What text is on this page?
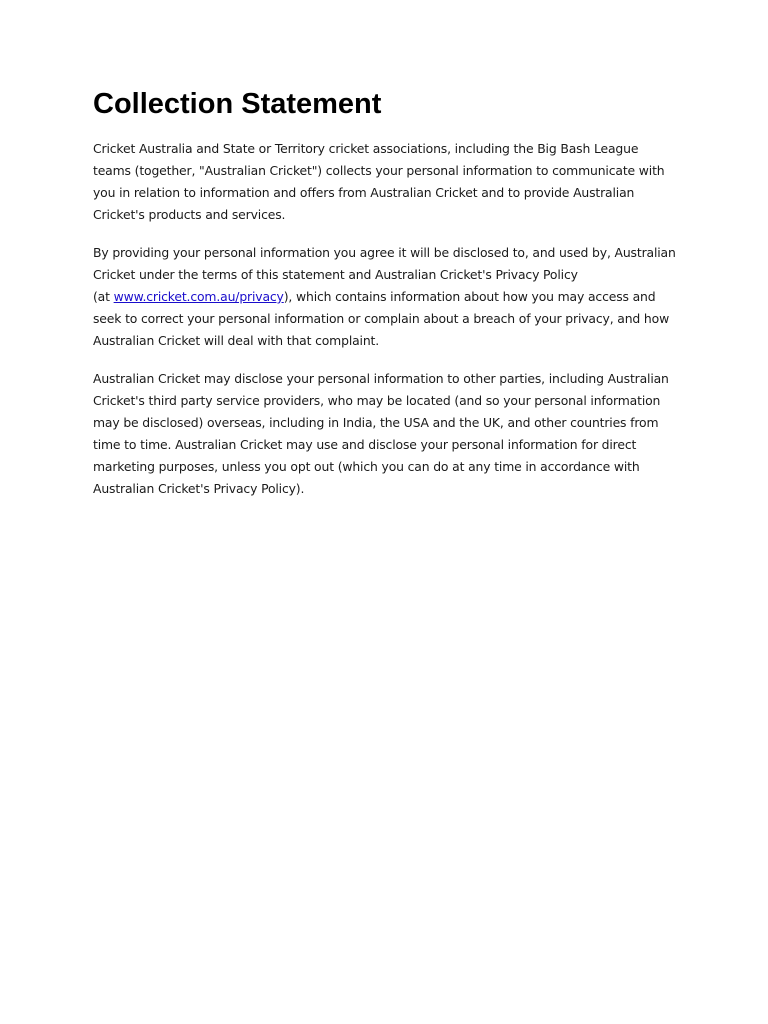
Collection Statement

Cricket Australia and State or Territory cricket associations, including the Big Bash League teams (together, "Australian Cricket") collects your personal information to communicate with you in relation to information and offers from Australian Cricket and to provide Australian Cricket's products and services.

By providing your personal information you agree it will be disclosed to, and used by, Australian Cricket under the terms of this statement and Australian Cricket's Privacy Policy
(at www.cricket.com.au/privacy), which contains information about how you may access and seek to correct your personal information or complain about a breach of your privacy, and how Australian Cricket will deal with that complaint.

Australian Cricket may disclose your personal information to other parties, including Australian Cricket's third party service providers, who may be located (and so your personal information may be disclosed) overseas, including in India, the USA and the UK, and other countries from time to time. Australian Cricket may use and disclose your personal information for direct marketing purposes, unless you opt out (which you can do at any time in accordance with Australian Cricket's Privacy Policy).
